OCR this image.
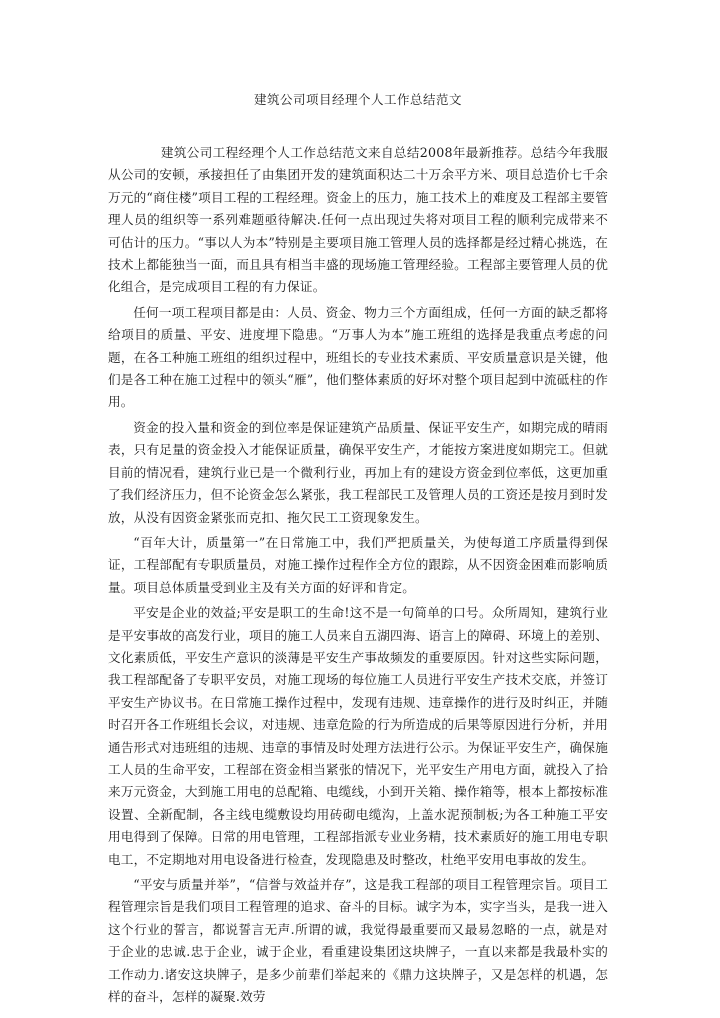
建筑公司项目经理个人工作总结范文

建筑公司工程经理个人工作总结范文来自总结2008年最新推荐。总结今年我服从公司的安顿，承接担任了由集团开发的建筑面积达二十万余平方米、项目总造价七千余万元的“商住楼”项目工程的工程经理。资金上的压力，施工技术上的难度及工程部主要管理人员的组织等一系列难题亟待解决.任何一点出现过失将对项目工程的顺利完成带来不可估计的压力。“事以人为本”特别是主要项目施工管理人员的选择都是经过精心挑选，在技术上都能独当一面，而且具有相当丰盛的现场施工管理经验。工程部主要管理人员的优化组合，是完成项目工程的有力保证。

任何一项工程项目都是由：人员、资金、物力三个方面组成，任何一方面的缺乏都将给项目的质量、平安、进度埋下隐患。“万事人为本”施工班组的选择是我重点考虑的问题，在各工种施工班组的组织过程中，班组长的专业技术素质、平安质量意识是关键，他们是各工种在施工过程中的领头“雁”，他们整体素质的好坏对整个项目起到中流砥柱的作用。

资金的投入量和资金的到位率是保证建筑产品质量、保证平安生产，如期完成的晴雨表，只有足量的资金投入才能保证质量，确保平安生产，才能按方案进度如期完工。但就目前的情况看，建筑行业已是一个微利行业，再加上有的建设方资金到位率低，这更加重了我们经济压力，但不论资金怎么紧张，我工程部民工及管理人员的工资还是按月到时发放，从没有因资金紧张而克扣、拖欠民工工资现象发生。

“百年大计，质量第一”在日常施工中，我们严把质量关，为使每道工序质量得到保证，工程部配有专职质量员，对施工操作过程作全方位的跟踪，从不因资金困难而影响质量。项目总体质量受到业主及有关方面的好评和肯定。

平安是企业的效益;平安是职工的生命!这不是一句简单的口号。众所周知，建筑行业是平安事故的高发行业，项目的施工人员来自五湖四海、语言上的障碍、环境上的差别、文化素质低，平安生产意识的淡薄是平安生产事故频发的重要原因。针对这些实际问题，我工程部配备了专职平安员，对施工现场的每位施工人员进行平安生产技术交底，并签订平安生产协议书。在日常施工操作过程中，发现有违规、违章操作的进行及时纠正，并随时召开各工作班组长会议，对违规、违章危险的行为所造成的后果等原因进行分析，并用通告形式对违班组的违规、违章的事情及时处理方法进行公示。为保证平安生产，确保施工人员的生命平安，工程部在资金相当紧张的情况下，光平安生产用电方面，就投入了拾来万元资金，大到施工用电的总配箱、电缆线，小到开关箱、操作箱等，根本上都按标准设置、全新配制，各主线电缆敷设均用砖砌电缆沟，上盖水泥预制板;为各工种施工平安用电得到了保障。日常的用电管理，工程部指派专业业务精，技术素质好的施工用电专职电工，不定期地对用电设备进行检查，发现隐患及时整改，杜绝平安用电事故的发生。

“平安与质量并举”，“信誉与效益并存”，这是我工程部的项目工程管理宗旨。项目工程管理宗旨是我们项目工程管理的追求、奋斗的目标。诚字为本，实字当头，是我一进入这个行业的誓言，都说誓言无声.所谓的诚，我觉得最重要而又最易忽略的一点，就是对于企业的忠诚.忠于企业，诚于企业，看重建设集团这块牌子，一直以来都是我最朴实的工作动力.诸安这块牌子，是多少前辈们举起来的《鼎力这块牌子，又是怎样的机遇，怎样的奋斗，怎样的凝聚.效劳
